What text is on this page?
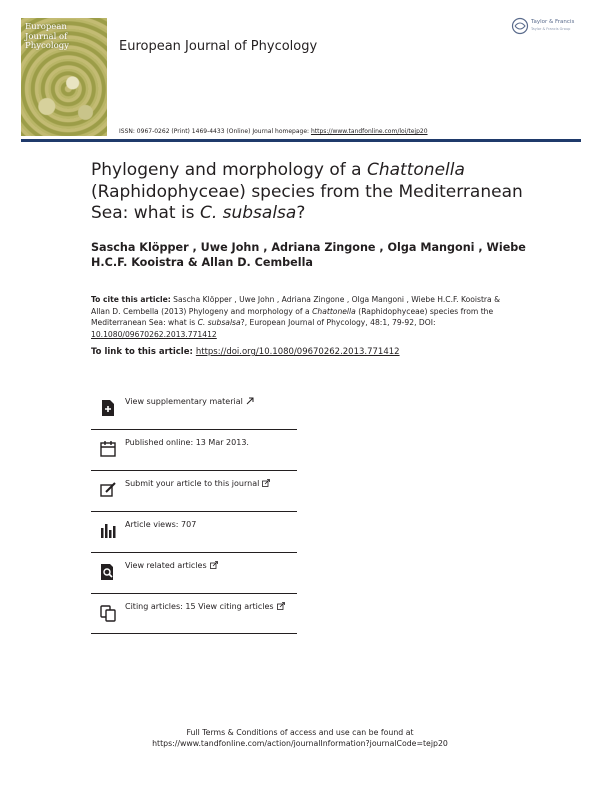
European
Journal of
Phycology	European Journal of Phycology
Taylor & Francis
Taylor & Francis Group
ISSN: 0967-0262 (Print) 1469-4433 (Online) Journal homepage: https://www.tandfonline.com/loi/tejp20
Phylogeny and morphology of a Chattonella (Raphidophyceae) species from the Mediterranean Sea: what is C. subsalsa?
Sascha Klöpper , Uwe John , Adriana Zingone , Olga Mangoni , Wiebe H.C.F. Kooistra & Allan D. Cembella
To cite this article: Sascha Klöpper , Uwe John , Adriana Zingone , Olga Mangoni , Wiebe H.C.F. Kooistra & Allan D. Cembella (2013) Phylogeny and morphology of a Chattonella (Raphidophyceae) species from the Mediterranean Sea: what is C. subsalsa?, European Journal of Phycology, 48:1, 79-92, DOI: 10.1080/09670262.2013.771412
To link to this article: https://doi.org/10.1080/09670262.2013.771412
View supplementary material
Published online: 13 Mar 2013.
Submit your article to this journal
Article views: 707
View related articles
Citing articles: 15 View citing articles
Full Terms & Conditions of access and use can be found at
https://www.tandfonline.com/action/journalInformation?journalCode=tejp20
